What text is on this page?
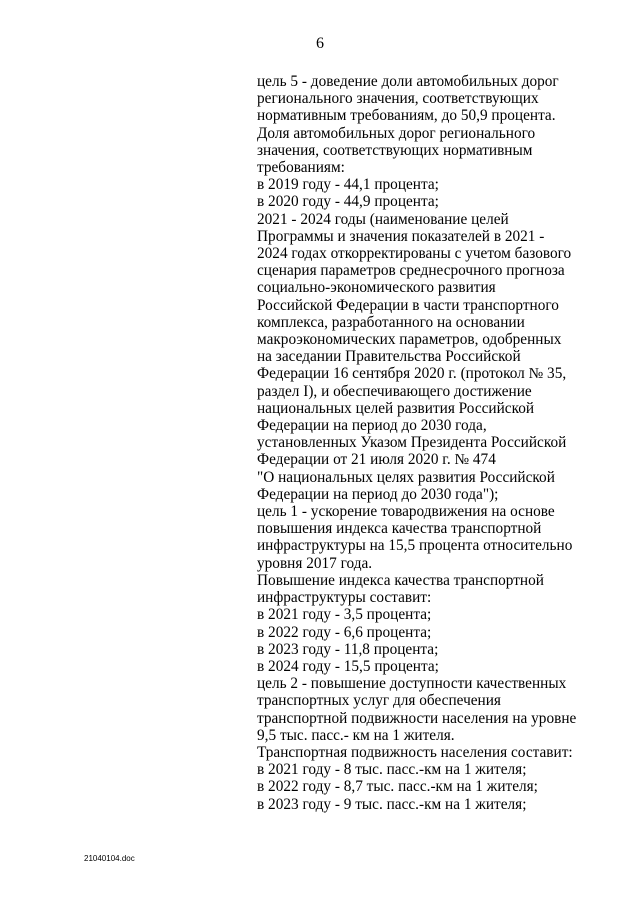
6
цель 5 - доведение доли автомобильных дорог
регионального значения, соответствующих
нормативным требованиям, до 50,9 процента.
Доля автомобильных дорог регионального
значения, соответствующих нормативным
требованиям:
в 2019 году - 44,1 процента;
в 2020 году - 44,9 процента;
2021 - 2024 годы (наименование целей
Программы и значения показателей в 2021 -
2024 годах откорректированы с учетом базового
сценария параметров среднесрочного прогноза
социально-экономического развития
Российской Федерации в части транспортного
комплекса, разработанного на основании
макроэкономических параметров, одобренных
на заседании Правительства Российской
Федерации 16 сентября 2020 г. (протокол № 35,
раздел I), и обеспечивающего достижение
национальных целей развития Российской
Федерации на период до 2030 года,
установленных Указом Президента Российской
Федерации от 21 июля 2020 г. № 474
"О национальных целях развития Российской
Федерации на период до 2030 года");
цель 1 - ускорение товародвижения на основе
повышения индекса качества транспортной
инфраструктуры на 15,5 процента относительно
уровня 2017 года.
Повышение индекса качества транспортной
инфраструктуры составит:
в 2021 году - 3,5 процента;
в 2022 году - 6,6 процента;
в 2023 году - 11,8 процента;
в 2024 году - 15,5 процента;
цель 2 - повышение доступности качественных
транспортных услуг для обеспечения
транспортной подвижности населения на уровне
9,5 тыс. пасс.- км на 1 жителя.
Транспортная подвижность населения составит:
в 2021 году - 8 тыс. пасс.-км на 1 жителя;
в 2022 году - 8,7 тыс. пасс.-км на 1 жителя;
в 2023 году - 9 тыс. пасс.-км на 1 жителя;
21040104.doc
